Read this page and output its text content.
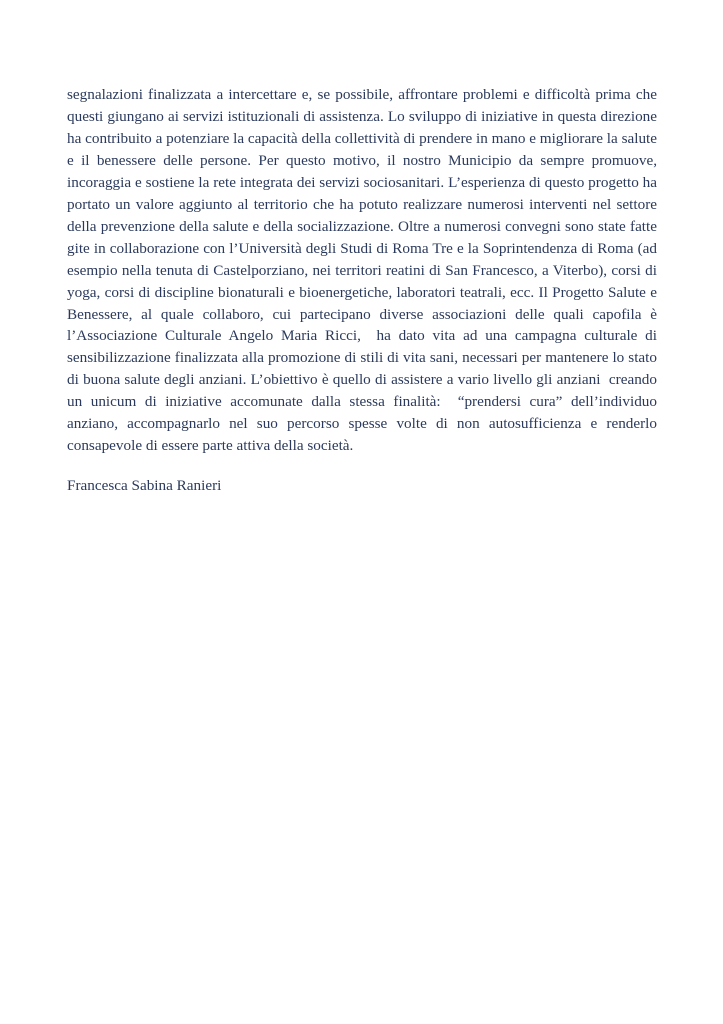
segnalazioni finalizzata a intercettare e, se possibile, affrontare problemi e difficoltà prima che questi giungano ai servizi istituzionali di assistenza. Lo sviluppo di iniziative in questa direzione ha contribuito a potenziare la capacità della collettività di prendere in mano e migliorare la salute e il benessere delle persone. Per questo motivo, il nostro Municipio da sempre promuove, incoraggia e sostiene la rete integrata dei servizi sociosanitari. L’esperienza di questo progetto ha portato un valore aggiunto al territorio che ha potuto realizzare numerosi interventi nel settore della prevenzione della salute e della socializzazione. Oltre a numerosi convegni sono state fatte gite in collaborazione con l’Università degli Studi di Roma Tre e la Soprintendenza di Roma (ad esempio nella tenuta di Castelporziano, nei territori reatini di San Francesco, a Viterbo), corsi di yoga, corsi di discipline bionaturali e bioenergetiche, laboratori teatrali, ecc. Il Progetto Salute e Benessere, al quale collaboro, cui partecipano diverse associazioni delle quali capofila è l’Associazione Culturale Angelo Maria Ricci,  ha dato vita ad una campagna culturale di sensibilizzazione finalizzata alla promozione di stili di vita sani, necessari per mantenere lo stato di buona salute degli anziani. L’obiettivo è quello di assistere a vario livello gli anziani  creando un unicum di iniziative accomunate dalla stessa finalità:  “prendersi cura” dell’individuo anziano, accompagnarlo nel suo percorso spesse volte di non autosufficienza e renderlo consapevole di essere parte attiva della società.

Francesca Sabina Ranieri
